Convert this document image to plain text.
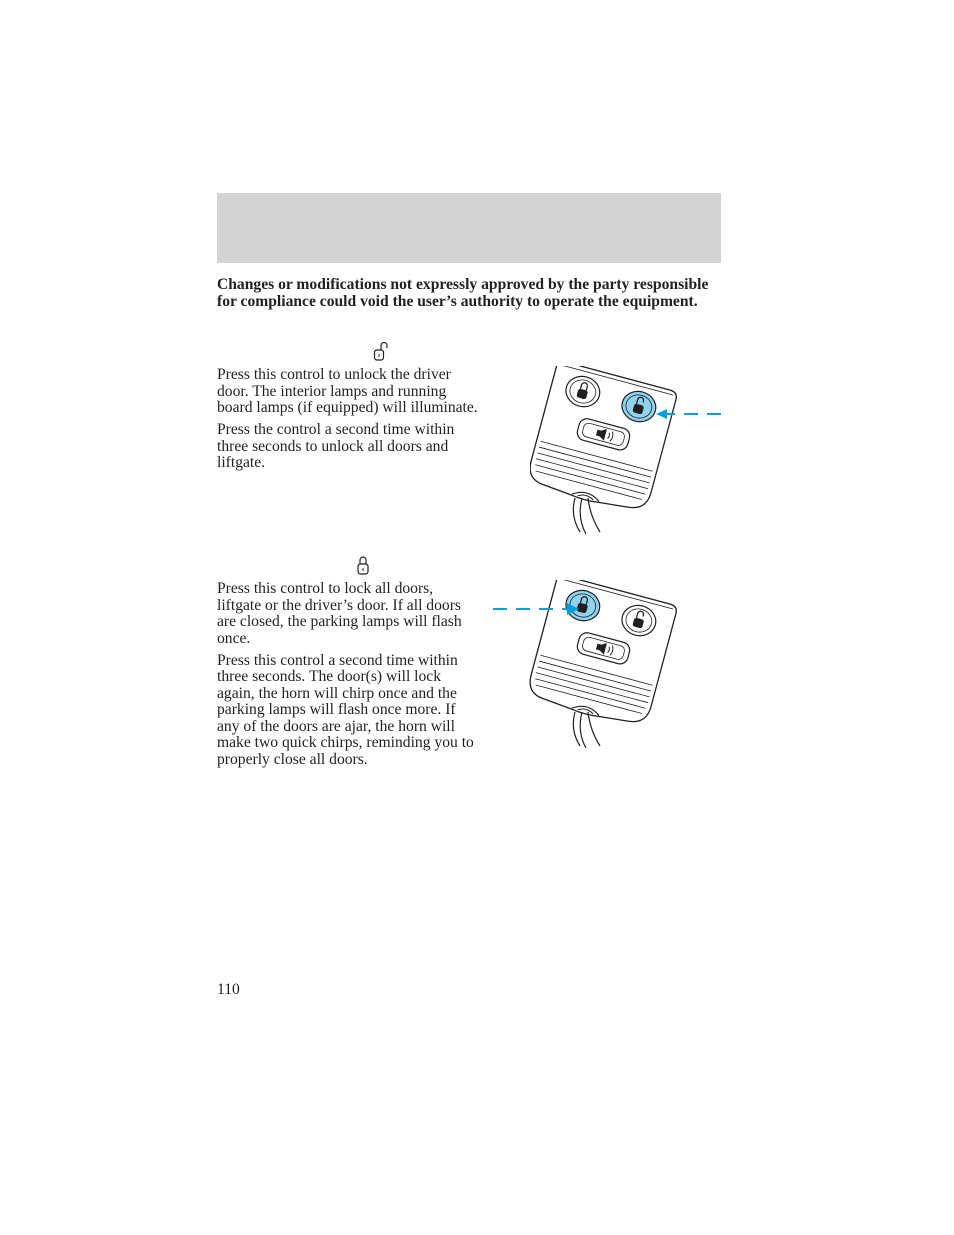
Changes or modifications not expressly approved by the party responsible for compliance could void the user’s authority to operate the equipment.

Press this control to unlock the driver door. The interior lamps and running board lamps (if equipped) will illuminate.

Press the control a second time within three seconds to unlock all doors and liftgate.

Press this control to lock all doors, liftgate or the driver’s door. If all doors are closed, the parking lamps will flash once.

Press this control a second time within three seconds. The door(s) will lock again, the horn will chirp once and the parking lamps will flash once more. If any of the doors are ajar, the horn will make two quick chirps, reminding you to properly close all doors.

110
